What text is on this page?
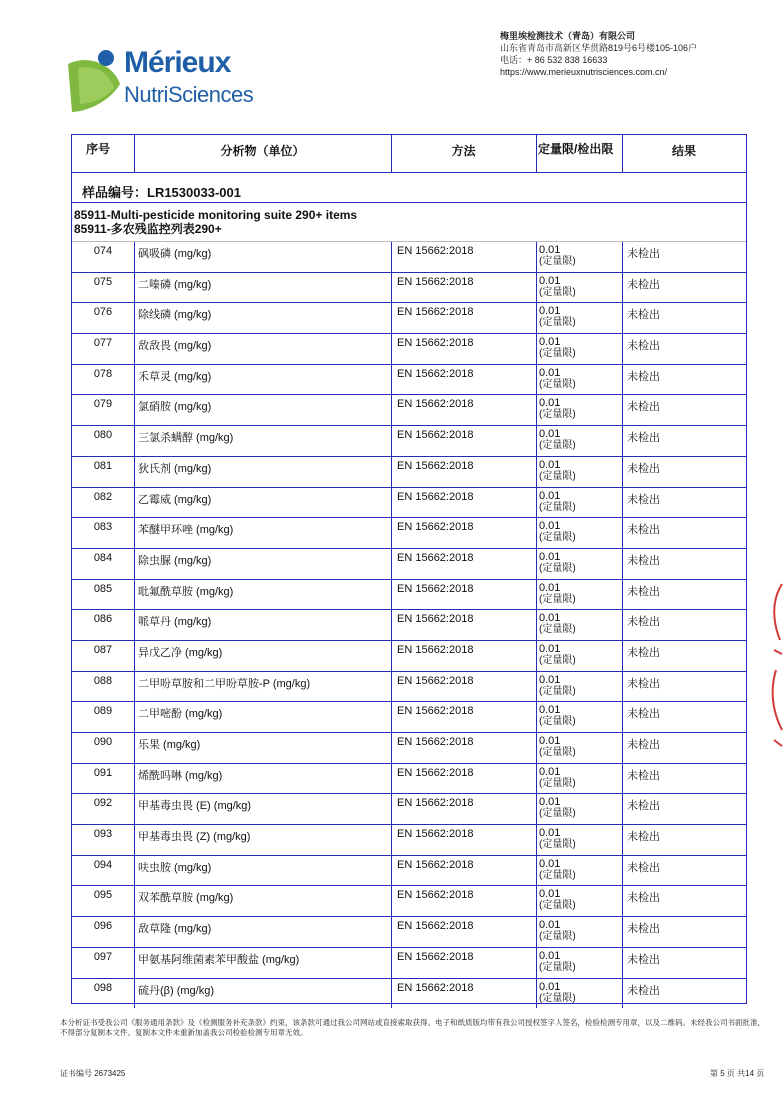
Mérieux
NutriSciences
梅里埃检测技术（青岛）有限公司
山东省青岛市高新区华贯路819号6号楼105-106户
电话：+ 86 532 838 16633
https://www.merieuxnutrisciences.com.cn/
序号	分析物（单位）	方法	定量限/检出限	结果
样品编号：LR1530033-001
85911-Multi-pesticide monitoring suite 290+ items
85911-多农残监控列表290+
074	砜吸磷 (mg/kg)	EN 15662:2018	0.01
(定量限)
未检出
075	二嗪磷 (mg/kg)	EN 15662:2018	0.01
(定量限)
未检出
076	除线磷 (mg/kg)	EN 15662:2018	0.01
(定量限)
未检出
077	敌敌畏 (mg/kg)	EN 15662:2018	0.01
(定量限)
未检出
078	禾草灵 (mg/kg)	EN 15662:2018	0.01
(定量限)
未检出
079	氯硝胺 (mg/kg)	EN 15662:2018	0.01
(定量限)
未检出
080	三氯杀螨醇 (mg/kg)	EN 15662:2018	0.01
(定量限)
未检出
081	狄氏剂 (mg/kg)	EN 15662:2018	0.01
(定量限)
未检出
082	乙霉威 (mg/kg)	EN 15662:2018	0.01
(定量限)
未检出
083	苯醚甲环唑 (mg/kg)	EN 15662:2018	0.01
(定量限)
未检出
084	除虫脲 (mg/kg)	EN 15662:2018	0.01
(定量限)
未检出
085	吡氟酰草胺 (mg/kg)	EN 15662:2018	0.01
(定量限)
未检出
086	哌草丹 (mg/kg)	EN 15662:2018	0.01
(定量限)
未检出
087	异戊乙净 (mg/kg)	EN 15662:2018	0.01
(定量限)
未检出
088	二甲吩草胺和二甲吩草胺-P (mg/kg)	EN 15662:2018	0.01
(定量限)
未检出
089	二甲嘧酚 (mg/kg)	EN 15662:2018	0.01
(定量限)
未检出
090	乐果 (mg/kg)	EN 15662:2018	0.01
(定量限)
未检出
091	烯酰吗啉 (mg/kg)	EN 15662:2018	0.01
(定量限)
未检出
092	甲基毒虫畏 (E) (mg/kg)	EN 15662:2018	0.01
(定量限)
未检出
093	甲基毒虫畏 (Z) (mg/kg)	EN 15662:2018	0.01
(定量限)
未检出
094	呋虫胺 (mg/kg)	EN 15662:2018	0.01
(定量限)
未检出
095	双苯酰草胺 (mg/kg)	EN 15662:2018	0.01
(定量限)
未检出
096	敌草隆 (mg/kg)	EN 15662:2018	0.01
(定量限)
未检出
097	甲氨基阿维菌素苯甲酸盐 (mg/kg)	EN 15662:2018	0.01
(定量限)
未检出
098	硫丹(β) (mg/kg)	EN 15662:2018	0.01
(定量限)
未检出
本分析证书受我公司《服务通用条款》及《检测服务补充条款》约束，该条款可通过我公司网站或直接索取获得。电子和纸质版均带有我公司授权签字人签名，检验检测专用章，以及二维码。未经我公司书面批准，不得部分复制本文件。复制本文件未重新加盖我公司检验检测专用章无效。
证书编号 2673425	第 5 页 共14 页
